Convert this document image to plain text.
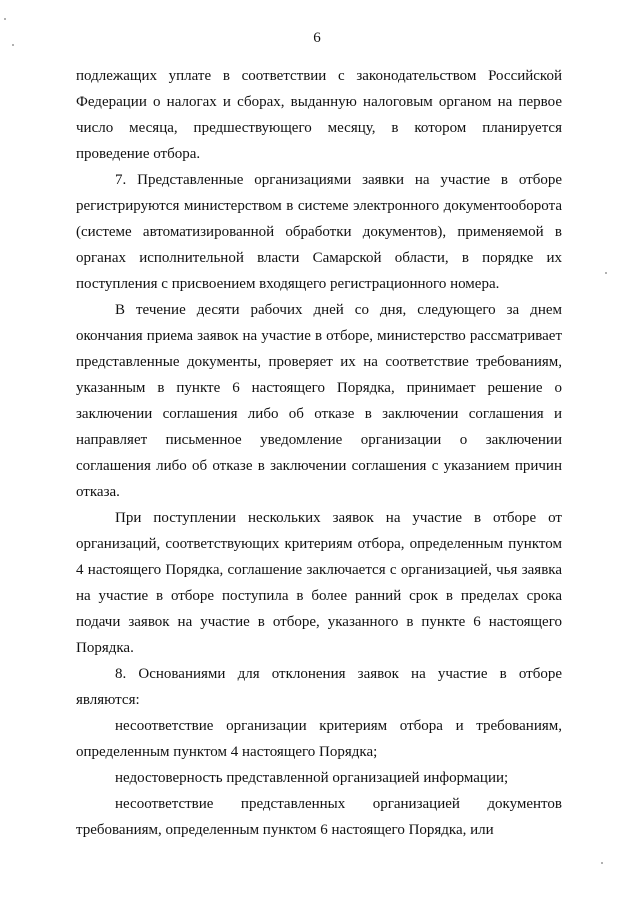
6

подлежащих уплате в соответствии с законодательством Российской Федерации о налогах и сборах, выданную налоговым органом на первое число месяца, предшествующего месяцу, в котором планируется проведение отбора.

7. Представленные организациями заявки на участие в отборе регистрируются министерством в системе электронного документооборота (системе автоматизированной обработки документов), применяемой в органах исполнительной власти Самарской области, в порядке их поступления с присвоением входящего регистрационного номера.

В течение десяти рабочих дней со дня, следующего за днем окончания приема заявок на участие в отборе, министерство рассматривает представленные документы, проверяет их на соответствие требованиям, указанным в пункте 6 настоящего Порядка, принимает решение о заключении соглашения либо об отказе в заключении соглашения и направляет письменное уведомление организации о заключении соглашения либо об отказе в заключении соглашения с указанием причин отказа.

При поступлении нескольких заявок на участие в отборе от организаций, соответствующих критериям отбора, определенным пунктом 4 настоящего Порядка, соглашение заключается с организацией, чья заявка на участие в отборе поступила в более ранний срок в пределах срока подачи заявок на участие в отборе, указанного в пункте 6 настоящего Порядка.

8. Основаниями для отклонения заявок на участие в отборе являются:

несоответствие организации критериям отбора и требованиям, определенным пунктом 4 настоящего Порядка;

недостоверность представленной организацией информации;

несоответствие представленных организацией документов требованиям, определенным пунктом 6 настоящего Порядка, или
